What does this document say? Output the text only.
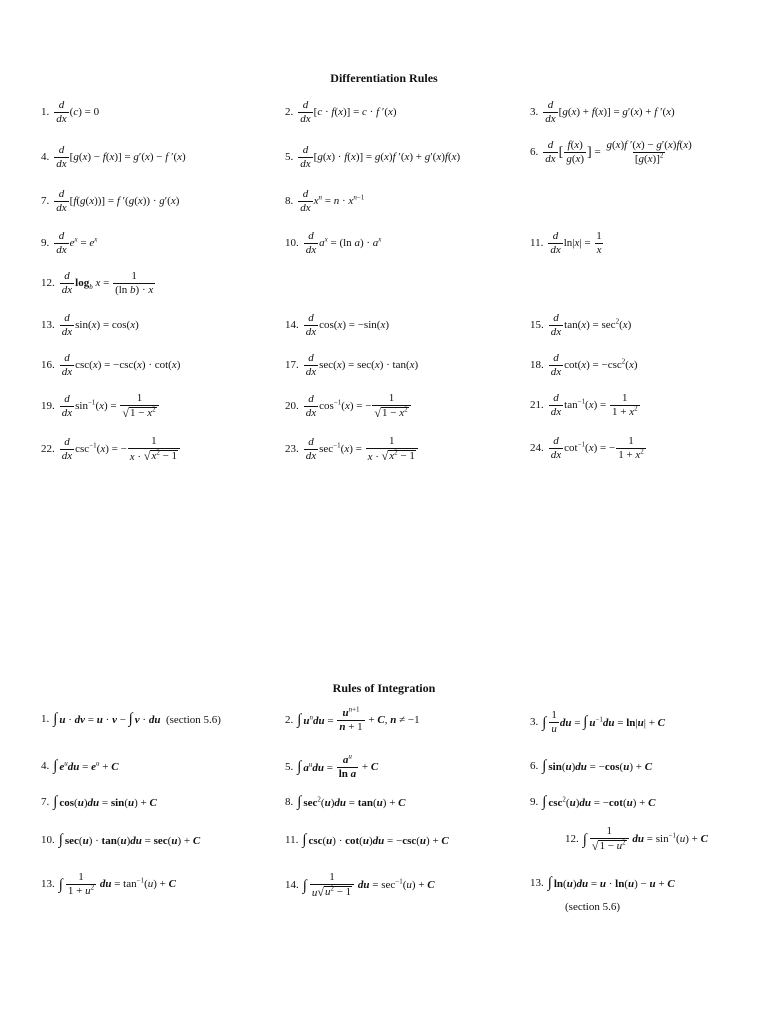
Differentiation Rules
1. $\frac{d}{dx} (c) = 0$	2. $\frac{d}{dx} [c \cdot f(x)] = c \cdot f$ ′(x)	3. $\frac{d}{dx} [g(x) + f(x)] = g'(x) + f$ ′(x)
4. $\frac{d}{dx} [g(x) - f(x)] = g'(x) - f$ ′(x)	5. $\frac{d}{dx} [g(x) \cdot f(x)] = g(x)f$ ′(x) + g′(x)f(x)	6. $\frac{d}{dx}$ [ $\frac{f(x)}{g(x)}$ ] = $\frac{g(x)f '(x) - g'(x)f(x)}{[g(x)]^2}$
7. $\frac{d}{dx} [f(g(x))] = f$ ′(g(x)) · g′(x)	8. $\frac{d}{dx} x^n = n \cdot x^{n-1}$
9. $\frac{d}{dx} e^x = e^x$	10. $\frac{d}{dx} a^x = (\ln$ $a) \cdot a^x$	11. $\frac{d}{dx} \ln|x| = \frac{1}{x}$
12. $\frac{d}{dx} \log_b x = \frac{1}{\text{(ln b) · x}}$
13. $\frac{d}{dx} \sin(x) = \cos(x)$	14. $\frac{d}{dx} \cos(x) = -\sin(x)$	15. $\frac{d}{dx} \tan(x) = \sec^2(x)$
16. $\frac{d}{dx} \csc(x) = -\csc(x) \cdot \cot(x)$	17. $\frac{d}{dx} \sec(x) = \sec(x) \cdot \tan(x)$	18. $\frac{d}{dx} \cot(x) = -\csc^2(x)$
19. $\frac{d}{dx} \sin^{-1}(x) = \frac{1}{√ 1 - x^2}$	20. $\frac{d}{dx} \cos^{-1}(x)$ = − $\frac{1}{√ 1 - x^2}$	21. $\frac{d}{dx} \tan^{-1}(x) = \frac{1}{1 + x^2}$
22. $\frac{d}{dx} \csc^{-1}(x)$ = − $\frac{1}{x \cdot √ x^2 - 1}$	23. $\frac{d}{dx} \sec^{-1}(x) = \frac{1}{x \cdot √ x^2 - 1}$	24. $\frac{d}{dx} \cot^{-1}(x)$ = − $\frac{1}{1 + x^2}$
Rules of Integration
1. ∫ u · dv = u · v − ∫ v · du  (section 5.6)	2. ∫ $u^ndu = \frac{u^{n+1}}{n + 1} + C$, n ≠ −1	3. ∫ $\frac{1}{u}$ du = ∫ $u^{-1}du = \ln|u| + C$
4. ∫ $e^udu = e^u + C$	5. ∫ $a^udu = \frac{a^u}{\text{ln a}} + C$	6. ∫ sin(u)du = −cos(u) + C
7. ∫ cos(u)du = sin(u) + C	8. ∫ $\sec^2(u)du = \tan(u) + C$	9. ∫ $\csc^2(u)du = -\cot(u) + C$
10. ∫ sec(u) · tan(u)du = sec(u) + C	11. ∫ csc(u) · cot(u)du = −csc(u) + C	12. ∫ $\frac{1}{√ 1 - u^2}$ du = $\sin^{-1}(u) + C$
13. ∫ $\frac{1}{1 + u^2}$ du = $\tan^{-1}(u) + C$	14. ∫ $\frac{1}{u √ u^2 - 1}$ du = $\sec^{-1}(u) + C$	13. ∫ ln(u)du = u · ln(u) − u + C
(section 5.6)
